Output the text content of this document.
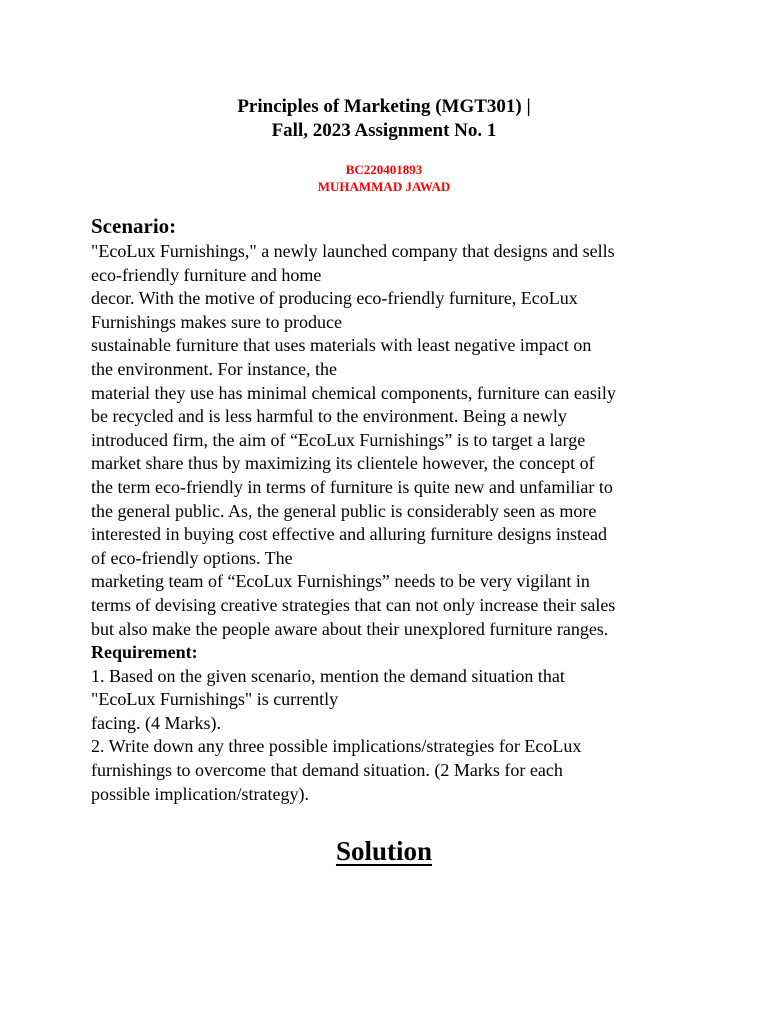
Principles of Marketing (MGT301) |
Fall, 2023 Assignment No. 1
BC220401893
MUHAMMAD JAWAD
Scenario:
"EcoLux Furnishings," a newly launched company that designs and sells
eco-friendly furniture and home
decor. With the motive of producing eco-friendly furniture, EcoLux
Furnishings makes sure to produce
sustainable furniture that uses materials with least negative impact on
the environment. For instance, the
material they use has minimal chemical components, furniture can easily
be recycled and is less harmful to the environment. Being a newly
introduced firm, the aim of “EcoLux Furnishings” is to target a large
market share thus by maximizing its clientele however, the concept of
the term eco-friendly in terms of furniture is quite new and unfamiliar to
the general public. As, the general public is considerably seen as more
interested in buying cost effective and alluring furniture designs instead
of eco-friendly options. The
marketing team of “EcoLux Furnishings” needs to be very vigilant in
terms of devising creative strategies that can not only increase their sales
but also make the people aware about their unexplored furniture ranges.
Requirement:
1. Based on the given scenario, mention the demand situation that
"EcoLux Furnishings" is currently
facing. (4 Marks).
2. Write down any three possible implications/strategies for EcoLux
furnishings to overcome that demand situation. (2 Marks for each
possible implication/strategy).
Solution
